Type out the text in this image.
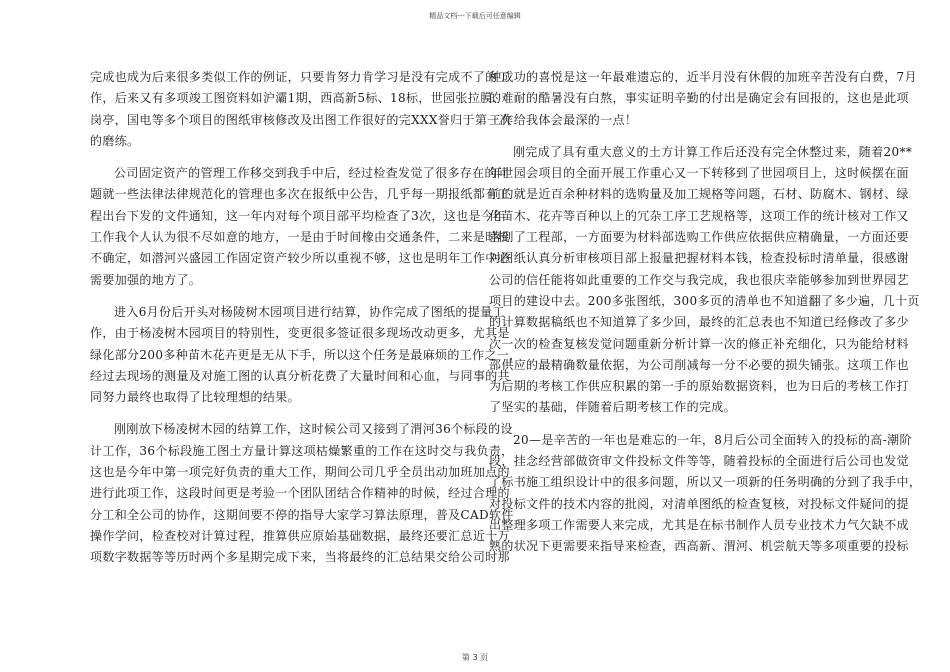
精品文档---下载后可任意编辑
完成也成为后来很多类似工作的例证，只要肯努力肯学习是没有完成不了的工
作，后来又有多项竣工图资料如沪灞1期，西高新5标、18标，世园张拉膜、
岗亭，国电等多个项目的图纸审核修改及出图工作很好的完XXX誉归于第一次
的磨练。
公司固定资产的管理工作移交到我手中后，经过检查发觉了很多存在的问
题就一些法律法律规范化的管理也多次在报纸中公告，几乎每一期报纸都有工
程出台下发的文件通知，这一年内对每个项目部平均检查了3次，这也是今年
工作我个人认为很不尽如意的地方，一是由于时间橡由交通条件，二来是时机
不确定，如潜河兴盛园工作固定资产较少所以重视不够，这也是明年工作中必
需要加强的地方了。
进入6月份后开头对杨陵树木园项目进行结算，协作完成了图纸的提量工
作，由于杨凌树木园项目的特别性，变更很多签证很多现场改动更多，尤其是
绿化部分200多种苗木花卉更是无从下手，所以这个任务是最麻烦的工作之一，
经过去现场的测量及对施工图的认真分析花费了大量时间和心血，与同事的共
同努力最终也取得了比较理想的结果。
刚刚放下杨凌树木园的结算工作，这时候公司又接到了渭河36个标段的设
计工作，36个标段施工图土方量计算这项枯燥繁重的工作在这时交与我负责，
这也是今年中第一项完好负责的重大工作，期间公司几乎全员出动加班加点的
进行此项工作，这段时间更是考验一个团队团结合作精神的时候，经过合理的
分工和全公司的协作，这期间要不停的指导大家学习算法原理，普及CAD软件
操作学问，检查校对计算过程，推算供应原始基础数据，最终还要汇总近十万
项数字数据等等历时两个多星期完成下来，当将最终的汇总结果交给公司时那
种成功的喜悦是这一年最难遗忘的，近半月没有休假的加班辛苦没有白费，7月
的难耐的酷暑没有白熬，事实证明辛勤的付出是确定会有回报的，这也是此项
工作给我体会最深的一点！
刚完成了具有重大意义的土方计算工作后还没有完全休整过来，随着20**
年世园会项目的全面开展工作重心又一下转移到了世园项目上，这时候摆在面
前的就是近百余种材料的选购量及加工规格等问题，石材、防腐木、钢材、绿
化苗木、花卉等百种以上的冗杂工序工艺规格等，这项工作的统计核对工作又
落到了工程部，一方面要为材料部选购工作供应依据供应精确量，一方面还要
对图纸认真分析审核项目部上报量把握材料本钱，检查投标时清单量，很感谢
公司的信任能将如此重要的工作交与我完成，我也很庆幸能够参加到世界园艺
项目的建设中去。200多张图纸，300多页的清单也不知道翻了多少遍，几十页
的计算数据稿纸也不知道算了多少回，最终的汇总表也不知道已经修改了多少
次一次的检查复核发觉问题重新分析计算一次的修正补充细化，只为能给材料
部供应的最精确数量依据，为公司削减每一分不必要的损失铺张。这项工作也
为后期的考核工作供应积累的第一手的原始数据资料，也为日后的考核工作打
了坚实的基础，伴随着后期考核工作的完成。
20—是辛苦的一年也是难忘的一年，8月后公司全面转入的投标的高-潮阶
段，挂念经营部做资审文件投标文件等等，随着投标的全面进行后公司也发觉
了标书施工组织设计中的很多问题，所以又一项新的任务明确的分到了我手中，
对投标文件的技术内容的批阅，对清单图纸的检查复核，对投标文件疑问的提
出整理多项工作需要人来完成，尤其是在标书制作人员专业技术力气欠缺不成
熟的状况下更需要来指导来检查，西高新、渭河、机尝航天等多项重要的投标
第 3 页
